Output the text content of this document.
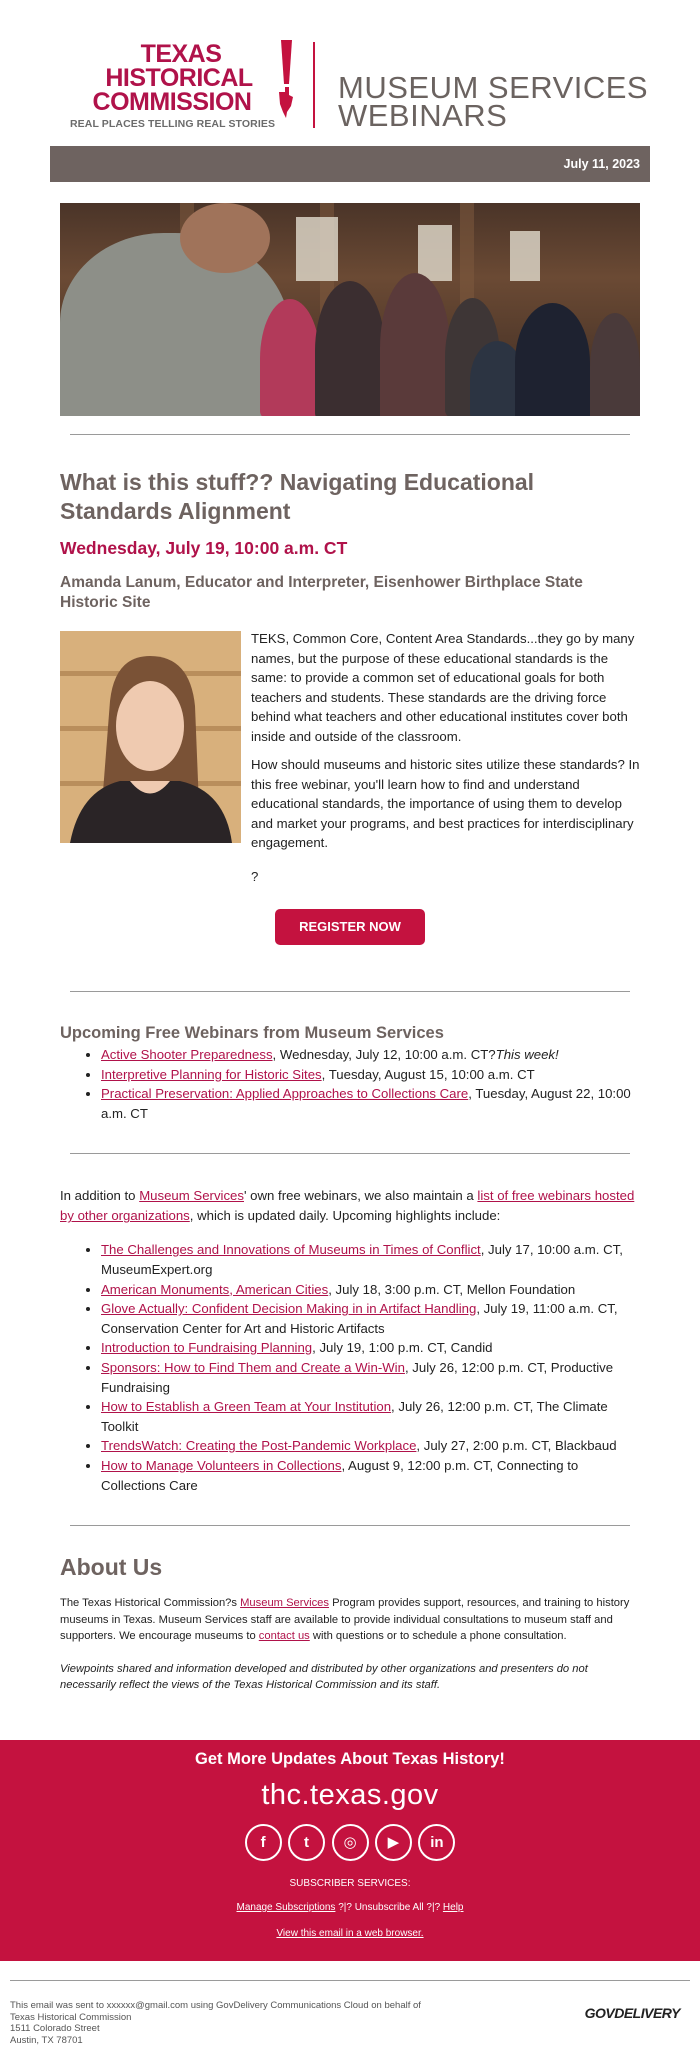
TEXAS
HISTORICAL
COMMISSION
REAL PLACES TELLING REAL STORIES
MUSEUM SERVICES
WEBINARS
July 11, 2023
What is this stuff?? Navigating Educational Standards Alignment
Wednesday, July 19, 10:00 a.m. CT
Amanda Lanum, Educator and Interpreter, Eisenhower Birthplace State Historic Site

TEKS, Common Core, Content Area Standards...they go by many names, but the purpose of these educational standards is the same: to provide a common set of educational goals for both teachers and students. These standards are the driving force behind what teachers and other educational institutes cover both inside and outside of the classroom.

How should museums and historic sites utilize these standards? In this free webinar, you'll learn how to find and understand educational standards, the importance of using them to develop and market your programs, and best practices for interdisciplinary engagement.

?

REGISTER NOW
Upcoming Free Webinars from Museum Services
• Active Shooter Preparedness, Wednesday, July 12, 10:00 a.m. CT?This week!
• Interpretive Planning for Historic Sites, Tuesday, August 15, 10:00 a.m. CT
• Practical Preservation: Applied Approaches to Collections Care, Tuesday, August 22, 10:00 a.m. CT

In addition to Museum Services' own free webinars, we also maintain a list of free webinars hosted by other organizations, which is updated daily. Upcoming highlights include:

• The Challenges and Innovations of Museums in Times of Conflict, July 17, 10:00 a.m. CT, MuseumExpert.org
• American Monuments, American Cities, July 18, 3:00 p.m. CT, Mellon Foundation
• Glove Actually: Confident Decision Making in in Artifact Handling, July 19, 11:00 a.m. CT, Conservation Center for Art and Historic Artifacts
• Introduction to Fundraising Planning, July 19, 1:00 p.m. CT, Candid
• Sponsors: How to Find Them and Create a Win-Win, July 26, 12:00 p.m. CT, Productive Fundraising
• How to Establish a Green Team at Your Institution, July 26, 12:00 p.m. CT, The Climate Toolkit
• TrendsWatch: Creating the Post-Pandemic Workplace, July 27, 2:00 p.m. CT, Blackbaud
• How to Manage Volunteers in Collections, August 9, 12:00 p.m. CT, Connecting to Collections Care
About Us

The Texas Historical Commission?s Museum Services Program provides support, resources, and training to history museums in Texas. Museum Services staff are available to provide individual consultations to museum staff and supporters. We encourage museums to contact us with questions or to schedule a phone consultation.

Viewpoints shared and information developed and distributed by other organizations and presenters do not necessarily reflect the views of the Texas Historical Commission and its staff.

Get More Updates About Texas History!
thc.texas.gov
f	t ◎ ▶ in
SUBSCRIBER SERVICES:
Manage Subscriptions ?|? Unsubscribe All ?|? Help
View this email in a web browser.
This email was sent to xxxxxx@gmail.com using GovDelivery Communications Cloud on behalf of
Texas Historical Commission
1511 Colorado Street
Austin, TX 78701
GOVDELIVERY
